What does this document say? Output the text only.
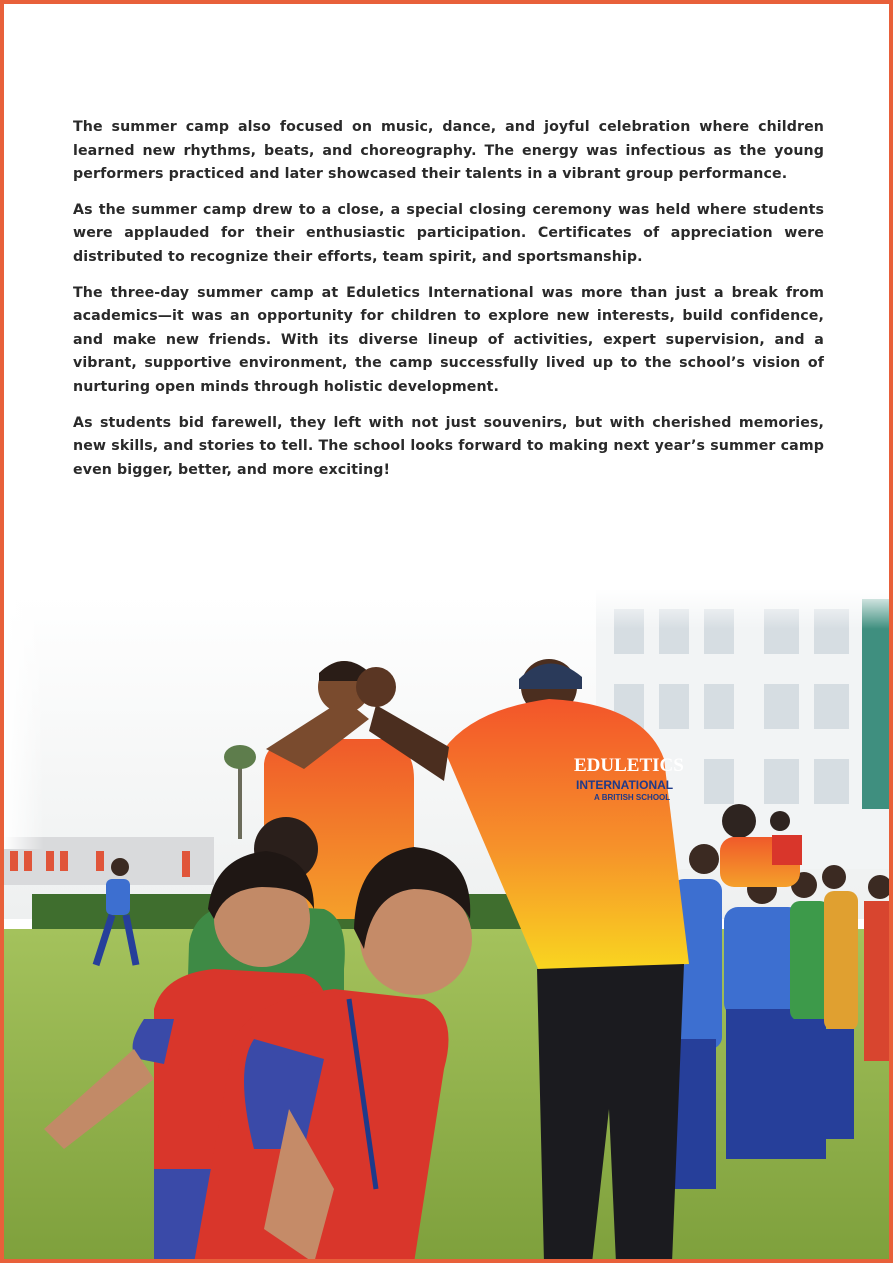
The summer camp also focused on music, dance, and joyful celebration where children learned new rhythms, beats, and choreography. The energy was infectious as the young performers practiced and later showcased their talents in a vibrant group performance.

As the summer camp drew to a close, a special closing ceremony was held where students were applauded for their enthusiastic participation. Certificates of appreciation were distributed to recognize their efforts, team spirit, and sportsmanship.

The three-day summer camp at Eduletics International was more than just a break from academics—it was an opportunity for children to explore new interests, build confidence, and make new friends. With its diverse lineup of activities, expert supervision, and a vibrant, supportive environment, the camp successfully lived up to the school’s vision of nurturing open minds through holistic development.

As students bid farewell, they left with not just souvenirs, but with cherished memories, new skills, and stories to tell. The school looks forward to making next year’s summer camp even bigger, better, and more exciting!

EDULETICS
INTERNATIONAL
A BRITISH SCHOOL
